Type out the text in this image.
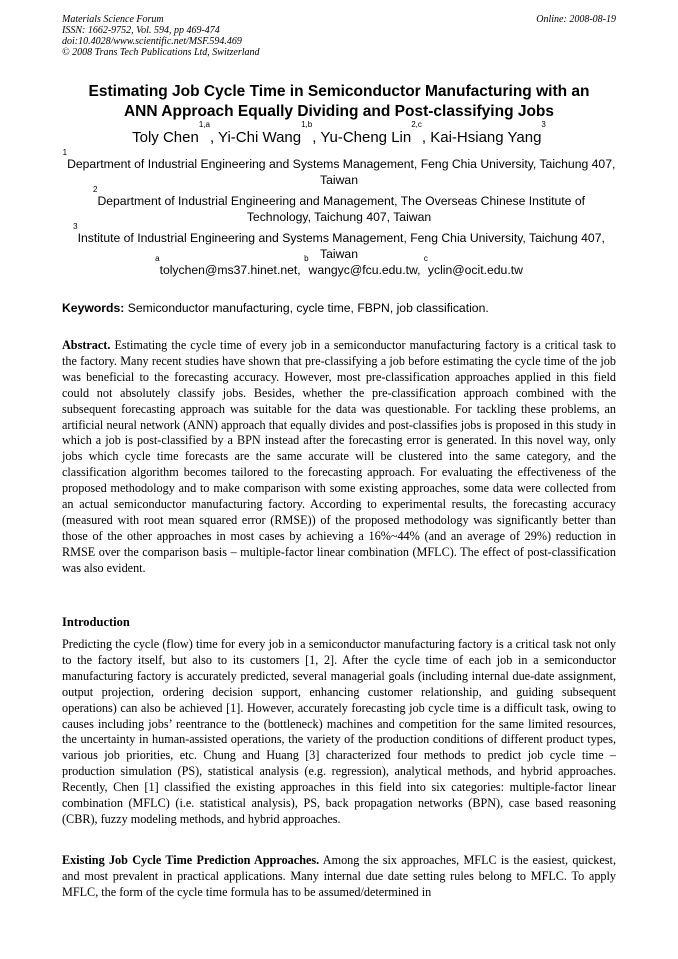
Materials Science Forum
ISSN: 1662-9752, Vol. 594, pp 469-474
doi:10.4028/www.scientific.net/MSF.594.469
© 2008 Trans Tech Publications Ltd, Switzerland
Online: 2008-08-19
Estimating Job Cycle Time in Semiconductor Manufacturing with an
ANN Approach Equally Dividing and Post-classifying Jobs
Toly Chen$^{1,a}$, Yi-Chi Wang$^{1,b}$, Yu-Cheng Lin$^{2,c}$, Kai-Hsiang Yang$^3$
$^1$Department of Industrial Engineering and Systems Management, Feng Chia University, Taichung 407, Taiwan
$^2$Department of Industrial Engineering and Management, The Overseas Chinese Institute of Technology, Taichung 407, Taiwan
$^3$Institute of Industrial Engineering and Systems Management, Feng Chia University, Taichung 407, Taiwan
$^a$tolychen@ms37.hinet.net, $^b$wangyc@fcu.edu.tw, $^c$yclin@ocit.edu.tw
Keywords: Semiconductor manufacturing, cycle time, FBPN, job classification.

Abstract. Estimating the cycle time of every job in a semiconductor manufacturing factory is a critical task to the factory. Many recent studies have shown that pre-classifying a job before estimating the cycle time of the job was beneficial to the forecasting accuracy. However, most pre-classification approaches applied in this field could not absolutely classify jobs. Besides, whether the pre-classification approach combined with the subsequent forecasting approach was suitable for the data was questionable. For tackling these problems, an artificial neural network (ANN) approach that equally divides and post-classifies jobs is proposed in this study in which a job is post-classified by a BPN instead after the forecasting error is generated. In this novel way, only jobs which cycle time forecasts are the same accurate will be clustered into the same category, and the classification algorithm becomes tailored to the forecasting approach. For evaluating the effectiveness of the proposed methodology and to make comparison with some existing approaches, some data were collected from an actual semiconductor manufacturing factory. According to experimental results, the forecasting accuracy (measured with root mean squared error (RMSE)) of the proposed methodology was significantly better than those of the other approaches in most cases by achieving a 16%~44% (and an average of 29%) reduction in RMSE over the comparison basis – multiple-factor linear combination (MFLC). The effect of post-classification was also evident.

Introduction

Predicting the cycle (flow) time for every job in a semiconductor manufacturing factory is a critical task not only to the factory itself, but also to its customers [1, 2]. After the cycle time of each job in a semiconductor manufacturing factory is accurately predicted, several managerial goals (including internal due-date assignment, output projection, ordering decision support, enhancing customer relationship, and guiding subsequent operations) can also be achieved [1]. However, accurately forecasting job cycle time is a difficult task, owing to causes including jobs’ reentrance to the (bottleneck) machines and competition for the same limited resources, the uncertainty in human-assisted operations, the variety of the production conditions of different product types, various job priorities, etc. Chung and Huang [3] characterized four methods to predict job cycle time – production simulation (PS), statistical analysis (e.g. regression), analytical methods, and hybrid approaches. Recently, Chen [1] classified the existing approaches in this field into six categories: multiple-factor linear combination (MFLC) (i.e. statistical analysis), PS, back propagation networks (BPN), case based reasoning (CBR), fuzzy modeling methods, and hybrid approaches.

Existing Job Cycle Time Prediction Approaches. Among the six approaches, MFLC is the easiest, quickest, and most prevalent in practical applications. Many internal due date setting rules belong to MFLC. To apply MFLC, the form of the cycle time formula has to be assumed/determined in
